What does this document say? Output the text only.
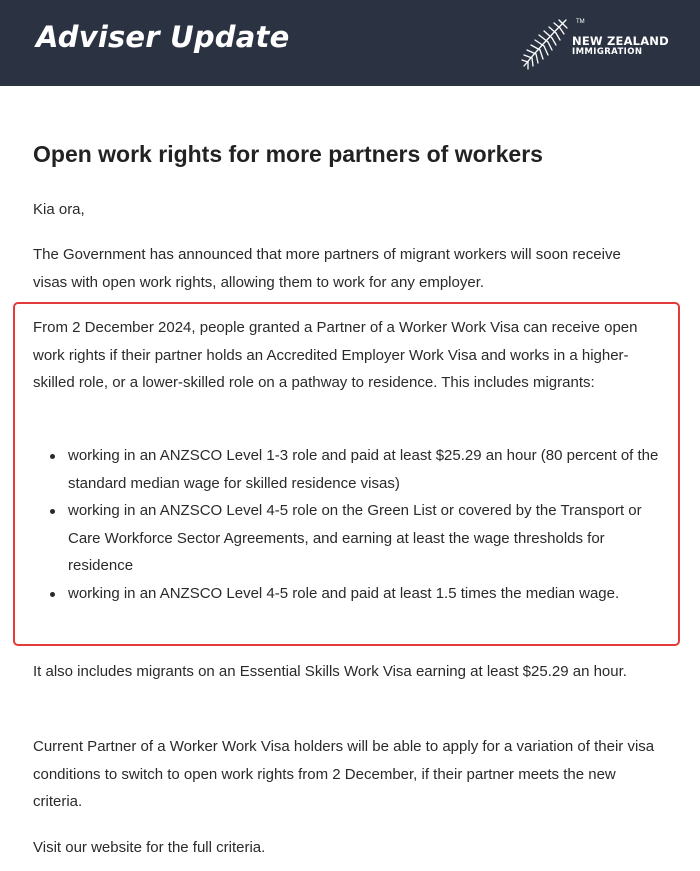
Adviser Update	TM
NEW ZEALAND
IMMIGRATION
Open work rights for more partners of workers

Kia ora,

The Government has announced that more partners of migrant workers will soon receive visas with open work rights, allowing them to work for any employer.

From 2 December 2024, people granted a Partner of a Worker Work Visa can receive open work rights if their partner holds an Accredited Employer Work Visa and works in a higher-skilled role, or a lower-skilled role on a pathway to residence. This includes migrants:

working in an ANZSCO Level 1-3 role and paid at least $25.29 an hour (80 percent of the standard median wage for skilled residence visas)
working in an ANZSCO Level 4-5 role on the Green List or covered by the Transport or Care Workforce Sector Agreements, and earning at least the wage thresholds for residence
working in an ANZSCO Level 4-5 role and paid at least 1.5 times the median wage.

It also includes migrants on an Essential Skills Work Visa earning at least $25.29 an hour.

Current Partner of a Worker Work Visa holders will be able to apply for a variation of their visa conditions to switch to open work rights from 2 December, if their partner meets the new criteria.

Visit our website for the full criteria.
